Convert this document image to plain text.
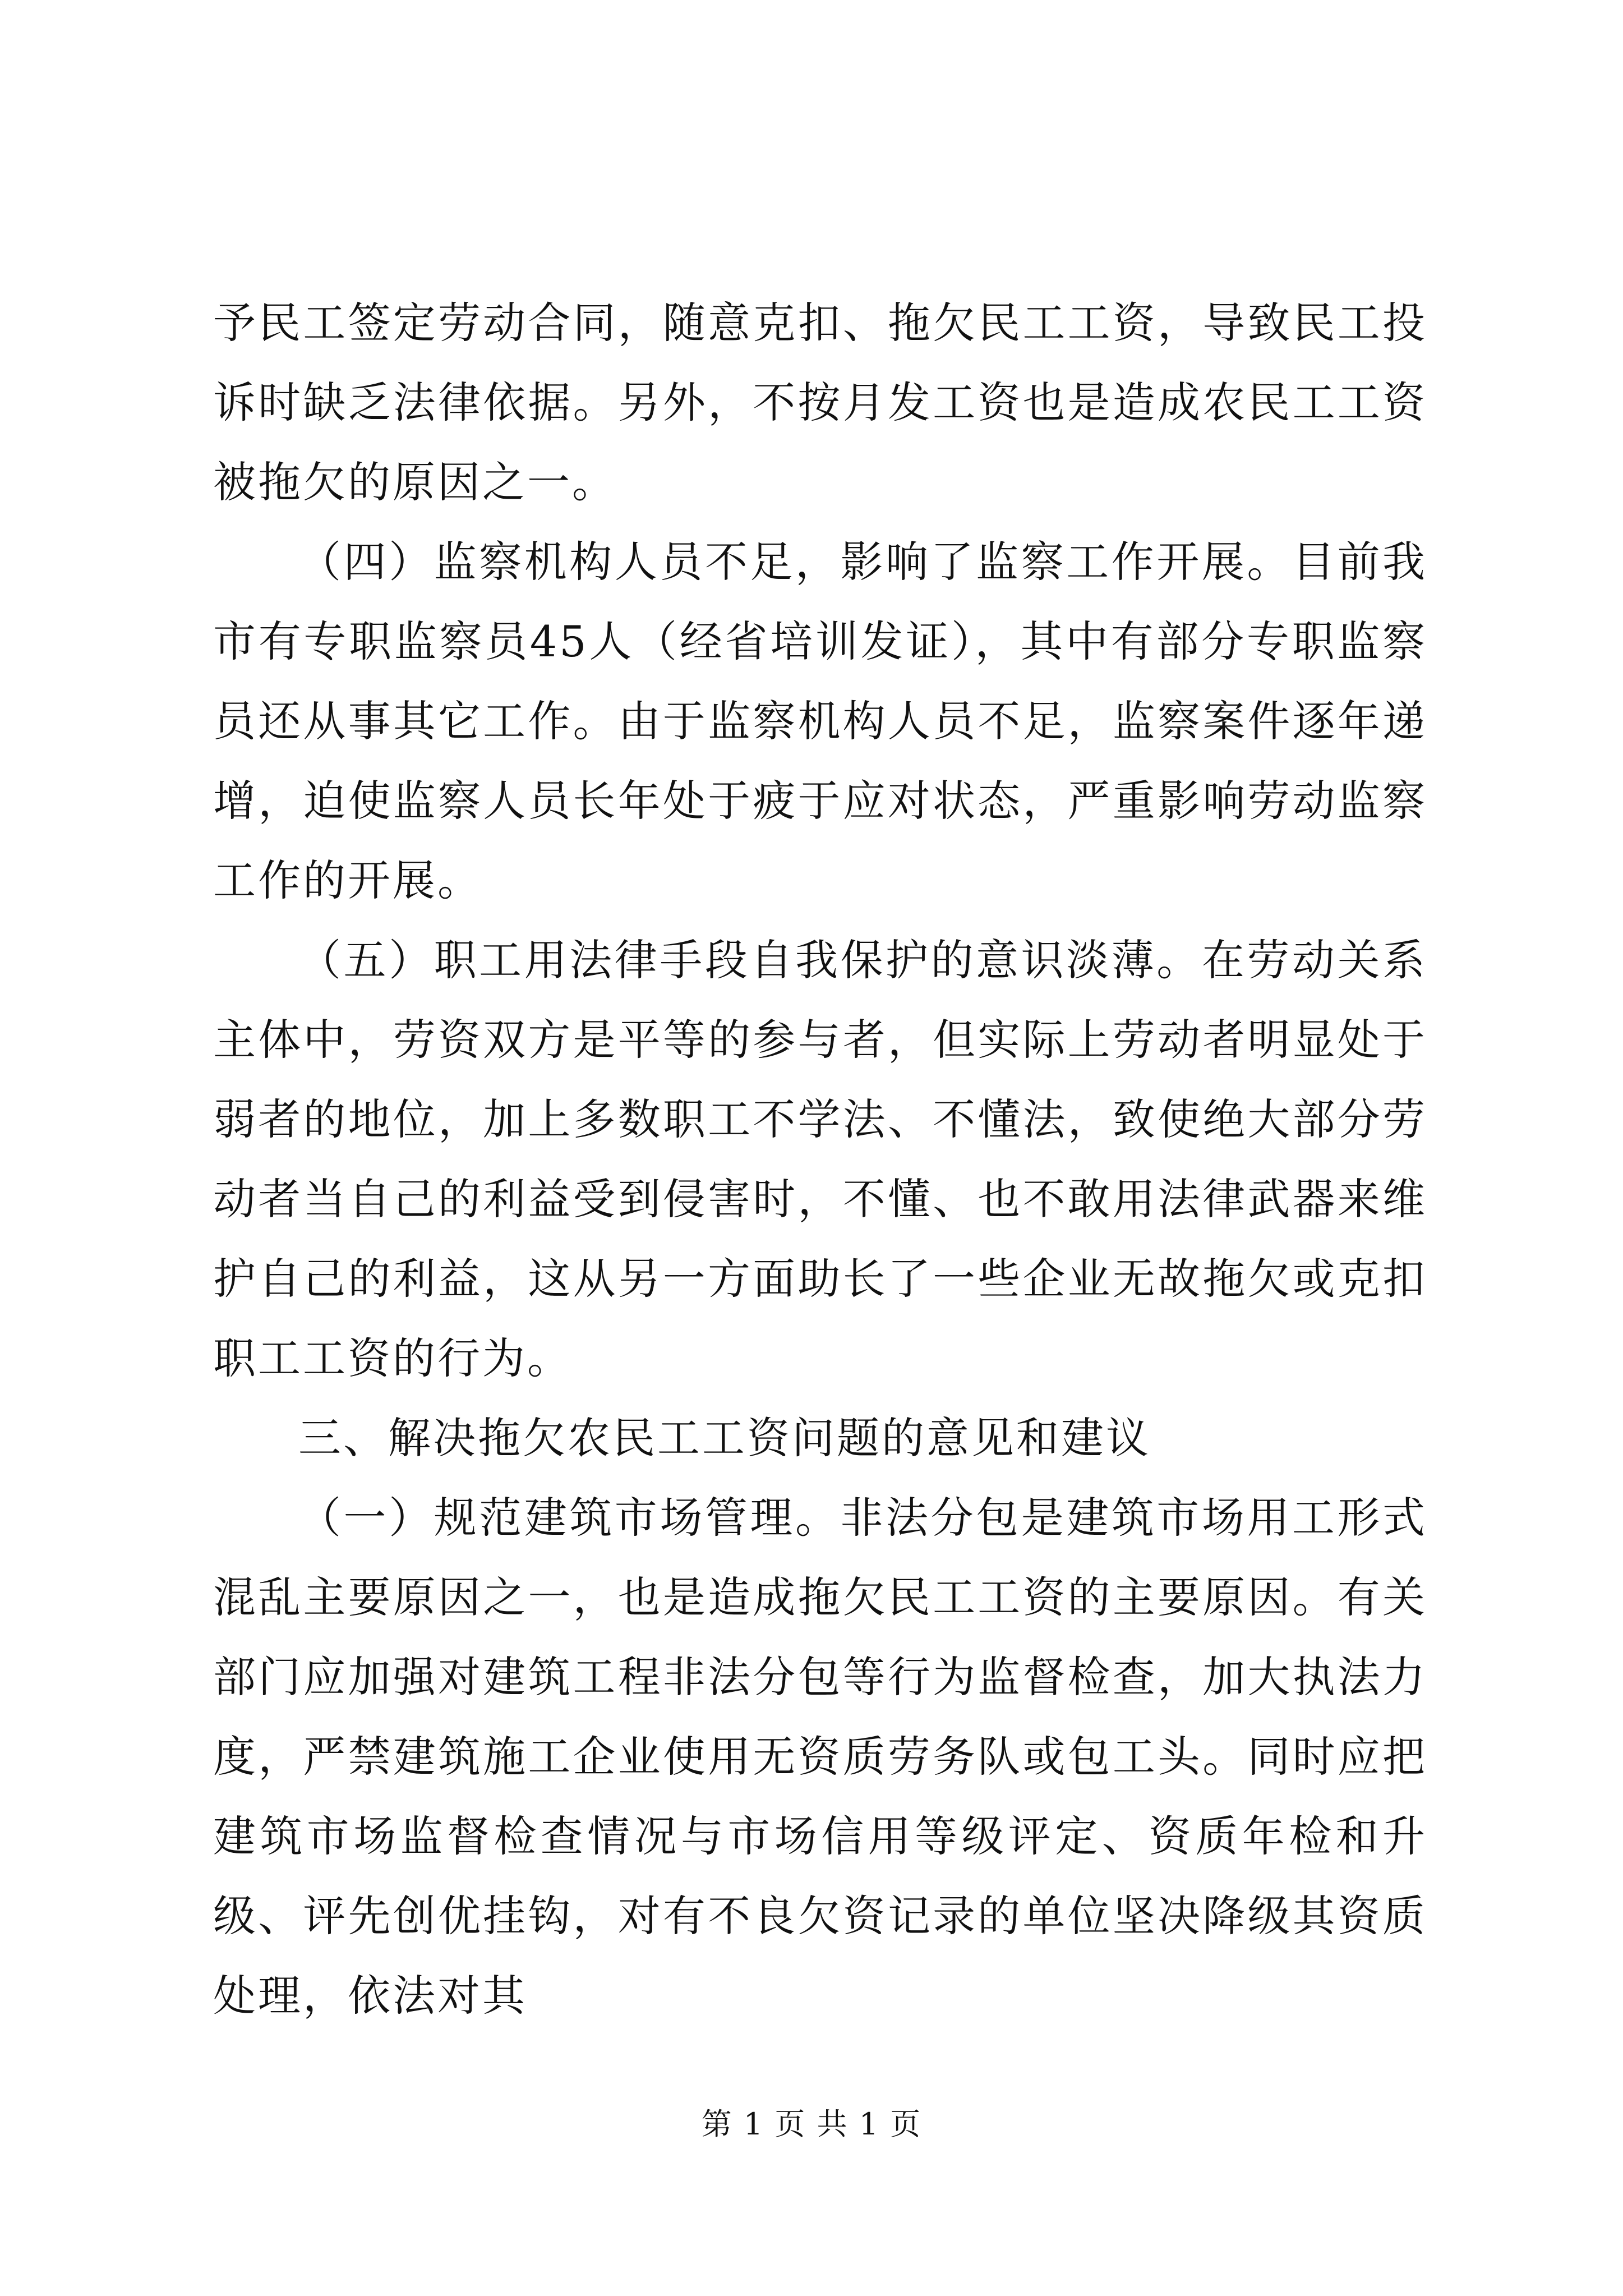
予民工签定劳动合同，随意克扣、拖欠民工工资，导致民工投诉时缺乏法律依据。另外，不按月发工资也是造成农民工工资被拖欠的原因之一。

（四）监察机构人员不足，影响了监察工作开展。目前我市有专职监察员45人（经省培训发证），其中有部分专职监察员还从事其它工作。由于监察机构人员不足，监察案件逐年递增，迫使监察人员长年处于疲于应对状态，严重影响劳动监察工作的开展。

（五）职工用法律手段自我保护的意识淡薄。在劳动关系主体中，劳资双方是平等的参与者，但实际上劳动者明显处于弱者的地位，加上多数职工不学法、不懂法，致使绝大部分劳动者当自己的利益受到侵害时，不懂、也不敢用法律武器来维护自己的利益，这从另一方面助长了一些企业无故拖欠或克扣职工工资的行为。

三、解决拖欠农民工工资问题的意见和建议

（一）规范建筑市场管理。非法分包是建筑市场用工形式混乱主要原因之一，也是造成拖欠民工工资的主要原因。有关部门应加强对建筑工程非法分包等行为监督检查，加大执法力度，严禁建筑施工企业使用无资质劳务队或包工头。同时应把建筑市场监督检查情况与市场信用等级评定、资质年检和升级、评先创优挂钩，对有不良欠资记录的单位坚决降级其资质处理，依法对其

第 1 页 共 1 页
